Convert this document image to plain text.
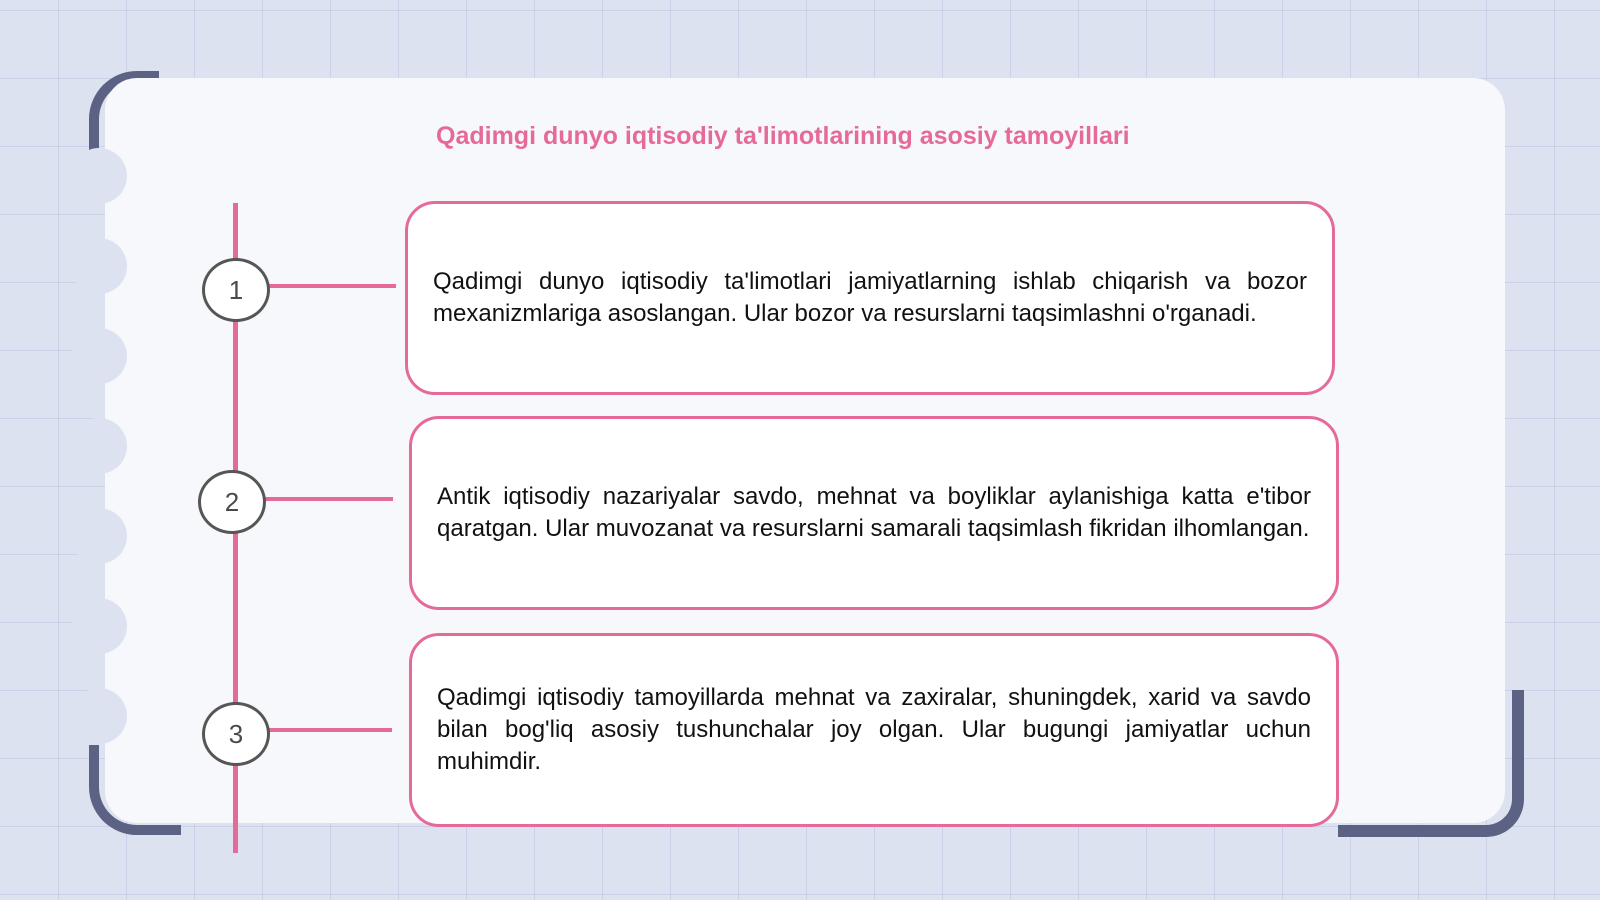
Qadimgi dunyo iqtisodiy ta'limotlarining asosiy tamoyillari
1
2
3

Qadimgi dunyo iqtisodiy ta'limotlari jamiyatlarning ishlab chiqarish va bozor mexanizmlariga asoslangan. Ular bozor va resurslarni taqsimlashni o'rganadi.

Antik iqtisodiy nazariyalar savdo, mehnat va boyliklar aylanishiga katta e'tibor qaratgan. Ular muvozanat va resurslarni samarali taqsimlash fikridan ilhomlangan.

Qadimgi iqtisodiy tamoyillarda mehnat va zaxiralar, shuningdek, xarid va savdo bilan bog'liq asosiy tushunchalar joy olgan. Ular bugungi jamiyatlar uchun muhimdir.
